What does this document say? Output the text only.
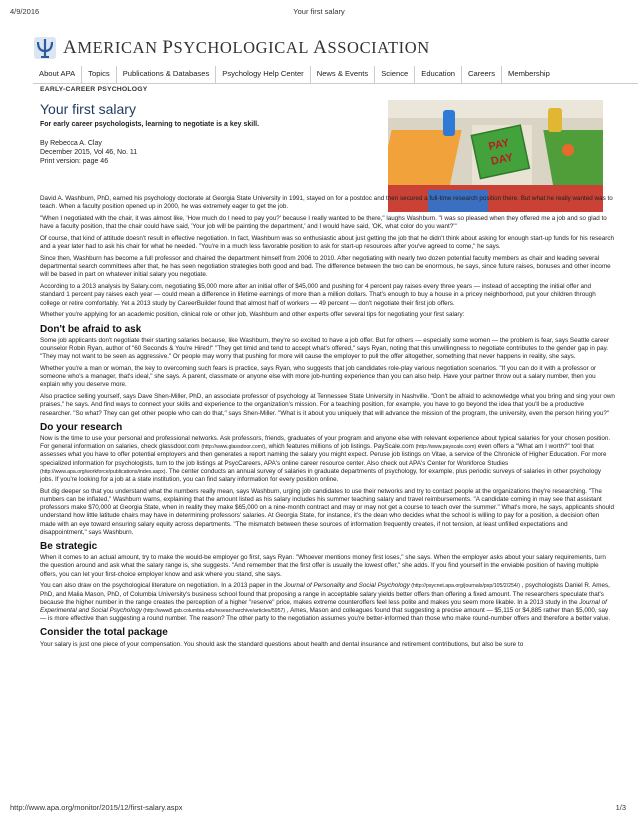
4/9/2016	Your first salary
AMERICAN PSYCHOLOGICAL ASSOCIATION
About APA	Topics	Publications & Databases	Psychology Help Center	News & Events	Science	Education	Careers	Membership
EARLY-CAREER PSYCHOLOGY
Your first salary
For early career psychologists, learning to negotiate is a key skill.
By Rebecca A. Clay
December 2015, Vol 46, No. 11
Print version: page 46
PAY
DAY

David A. Washburn, PhD, earned his psychology doctorate at Georgia State University in 1991, stayed on for a postdoc and then secured a full-time research position there. But what he really wanted was to teach. When a faculty position opened up in 2000, he was extremely eager to get the job.

"When I negotiated with the chair, it was almost like, 'How much do I need to pay you?' because I really wanted to be there," laughs Washburn. "I was so pleased when they offered me a job and so glad to have a faculty position, that the chair could have said, 'Your job will be painting the department,' and I would have said, 'OK, what color do you want?'"

Of course, that kind of attitude doesn't result in effective negotiation. In fact, Washburn was so enthusiastic about just getting the job that he didn't think about asking for enough start-up funds for his research and a year later had to ask his chair for what he needed. "You're in a much less favorable position to ask for start-up resources after you've agreed to come," he says.

Since then, Washburn has become a full professor and chaired the department himself from 2006 to 2010. After negotiating with nearly two dozen potential faculty members as chair and leading several departmental search committees after that, he has seen negotiation strategies both good and bad. The difference between the two can be enormous, he says, since future raises, bonuses and other income will be based in part on whatever initial salary you negotiate.

According to a 2013 analysis by Salary.com, negotiating $5,000 more after an initial offer of $45,000 and pushing for 4 percent pay raises every three years — instead of accepting the initial offer and standard 1 percent pay raises each year — could mean a difference in lifetime earnings of more than a million dollars. That's enough to buy a house in a pricey neighborhood, put your children through college or retire comfortably. Yet a 2013 study by CareerBuilder found that almost half of workers — 49 percent — don't negotiate their first job offers.

Whether you're applying for an academic position, clinical role or other job, Washburn and other experts offer several tips for negotiating your first salary:

Don't be afraid to ask

Some job applicants don't negotiate their starting salaries because, like Washburn, they're so excited to have a job offer. But for others — especially some women — the problem is fear, says Seattle career counselor Robin Ryan, author of "60 Seconds & You're Hired!" "They get timid and tend to accept what's offered," says Ryan, noting that this unwillingness to negotiate contributes to the gender gap in pay. "They may not want to be seen as aggressive." Or people may worry that pushing for more will cause the employer to pull the offer altogether, something that never happens in reality, she says.

Whether you're a man or woman, the key to overcoming such fears is practice, says Ryan, who suggests that job candidates role-play various negotiation scenarios. "If you can do it with a professor or someone who's a manager, that's ideal," she says. A parent, classmate or anyone else with more job-hunting experience than you can also help. Have your partner throw out a salary number, then you explain why you deserve more.

Also practice selling yourself, says Dave Shen-Miller, PhD, an associate professor of psychology at Tennessee State University in Nashville. "Don't be afraid to acknowledge what you bring and sing your own praises," he says. And find ways to connect your skills and experience to the organization's mission. For a teaching position, for example, you have to go beyond the idea that you'll be a productive researcher. "So what? They can get other people who can do that," says Shen-Miller. "What is it about you uniquely that will advance the mission of the program, the university, even the person hiring you?"

Do your research

Now is the time to use your personal and professional networks. Ask professors, friends, graduates of your program and anyone else with relevant experience about typical salaries for your chosen position. For general information on salaries, check glassdoor.com (http://www.glassdoor.com/), which features millions of job listings. PayScale.com (http://www.payscale.com) even offers a "What am I worth?" tool that assesses what you have to offer potential employers and then generates a report naming the salary you might expect. Peruse job listings on Vitae, a service of the Chronicle of Higher Education. For more specialized information for psychologists, turn to the job listings at PsycCareers, APA's online career resource center. Also check out APA's Center for Workforce Studies (http://www.apa.org/workforce/publications/index.aspx). The center conducts an annual survey of salaries in graduate departments of psychology, for example, plus periodic surveys of salaries in other psychology jobs. If you're looking for a job at a state institution, you can find salary information for every position online.

But dig deeper so that you understand what the numbers really mean, says Washburn, urging job candidates to use their networks and try to contact people at the organizations they're researching. "The numbers can be inflated," Washburn warns, explaining that the amount listed as his salary includes his summer teaching salary and travel reimbursements. "A candidate coming in may see that assistant professors make $70,000 at Georgia State, when in reality they make $65,000 on a nine-month contract and may or may not get a course to teach over the summer." What's more, he says, applicants should understand how little latitude chairs may have in determining professors' salaries. At Georgia State, for instance, it's the dean who decides what the school is willing to pay for a position, a decision often made with an eye toward ensuring salary equity across departments. "The mismatch between these sources of information frequently creates, if not tension, at least unfilled expectations and disappointment," says Washburn.

Be strategic

When it comes to an actual amount, try to make the would-be employer go first, says Ryan. "Whoever mentions money first loses," she says. When the employer asks about your salary requirements, turn the question around and ask what the salary range is, she suggests. "And remember that the first offer is usually the lowest offer," she adds. If you find yourself in the enviable position of having multiple offers, you can let your first-choice employer know and ask where you stand, she says.

You can also draw on the psychological literature on negotiation. In a 2013 paper in the Journal of Personality and Social Psychology (http://psycnet.apa.org/journals/psp/105/2/254/) , psychologists Daniel R. Ames, PhD, and Malia Mason, PhD, of Columbia University's business school found that proposing a range in acceptable salary yields better offers than offering a fixed amount. The researchers speculate that's because the higher number in the range creates the perception of a higher "reserve" price, makes extreme counteroffers feel less polite and makes you seem more likable. In a 2013 study in the Journal of Experimental and Social Psychology (http://www8.gsb.columbia.edu/researcharchive/articles/5957) , Ames, Mason and colleagues found that suggesting a precise amount — $5,115 or $4,885 rather than $5,000, say — is more effective than suggesting a round number. The reason? The other party to the negotiation assumes you're better-informed than those who make round-number offers and therefore a better value.

Consider the total package

Your salary is just one piece of your compensation. You should ask the standard questions about health and dental insurance and retirement contributions, but also be sure to

http://www.apa.org/monitor/2015/12/first-salary.aspx	1/3
